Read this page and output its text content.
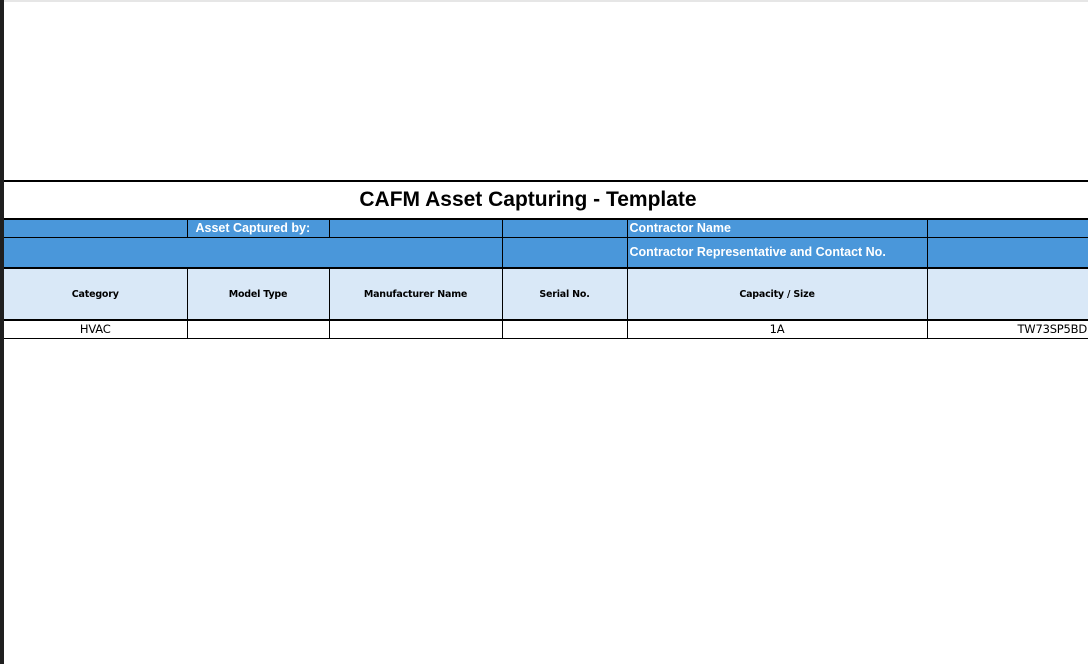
CAFM Asset Capturing - Template
	Asset Captured by:			Contractor Name	
				Contractor Representative and Contact No.	
Category	Model Type	Manufacturer Name	Serial No.	Capacity / Size	
HVAC				1A	TW73SP5BD
